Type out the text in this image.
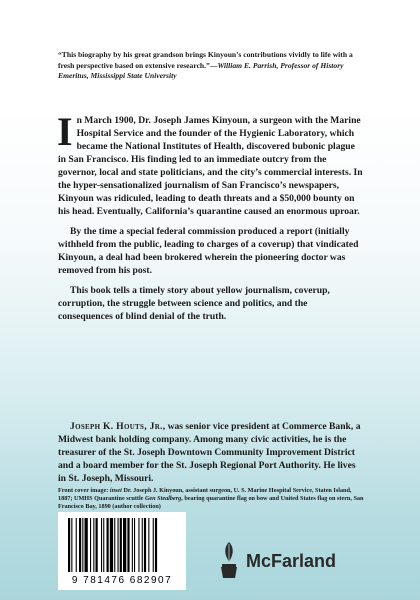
“This biography by his great grandson brings Kinyoun’s contributions vividly to life with a fresh perspective based on extensive research.”—William E. Parrish, Professor of History Emeritus, Mississippi State University

In March 1900, Dr. Joseph James Kinyoun, a surgeon with the Marine Hospital Service and the founder of the Hygienic Laboratory, which became the National Institutes of Health, discovered bubonic plague in San Francisco. His finding led to an immediate outcry from the governor, local and state politicians, and the city’s commercial interests. In the hyper-sensationalized journalism of San Francisco’s newspapers, Kinyoun was ridiculed, leading to death threats and a $50,000 bounty on his head. Eventually, California’s quarantine caused an enormous uproar.

By the time a special federal commission produced a report (initially withheld from the public, leading to charges of a coverup) that vindicated Kinyoun, a deal had been brokered wherein the pioneering doctor was removed from his post.

This book tells a timely story about yellow journalism, coverup, corruption, the struggle between science and politics, and the consequences of blind denial of the truth.

Joseph K. Houts, Jr., was senior vice president at Commerce Bank, a Midwest bank holding company. Among many civic activities, he is the treasurer of the St. Joseph Downtown Community Improvement District and a board member for the St. Joseph Regional Port Authority. He lives in St. Joseph, Missouri.
Front cover image: inset Dr. Joseph J. Kinyoun, assistant surgeon, U. S. Marine Hospital Service, Staten Island, 1887; UMHS Quarantine scuttle Gen Stealberg, bearing quarantine flag on bow and United States flag on stern, San Francisco Bay, 1890 (author collection)
9 781476 682907
McFarland
